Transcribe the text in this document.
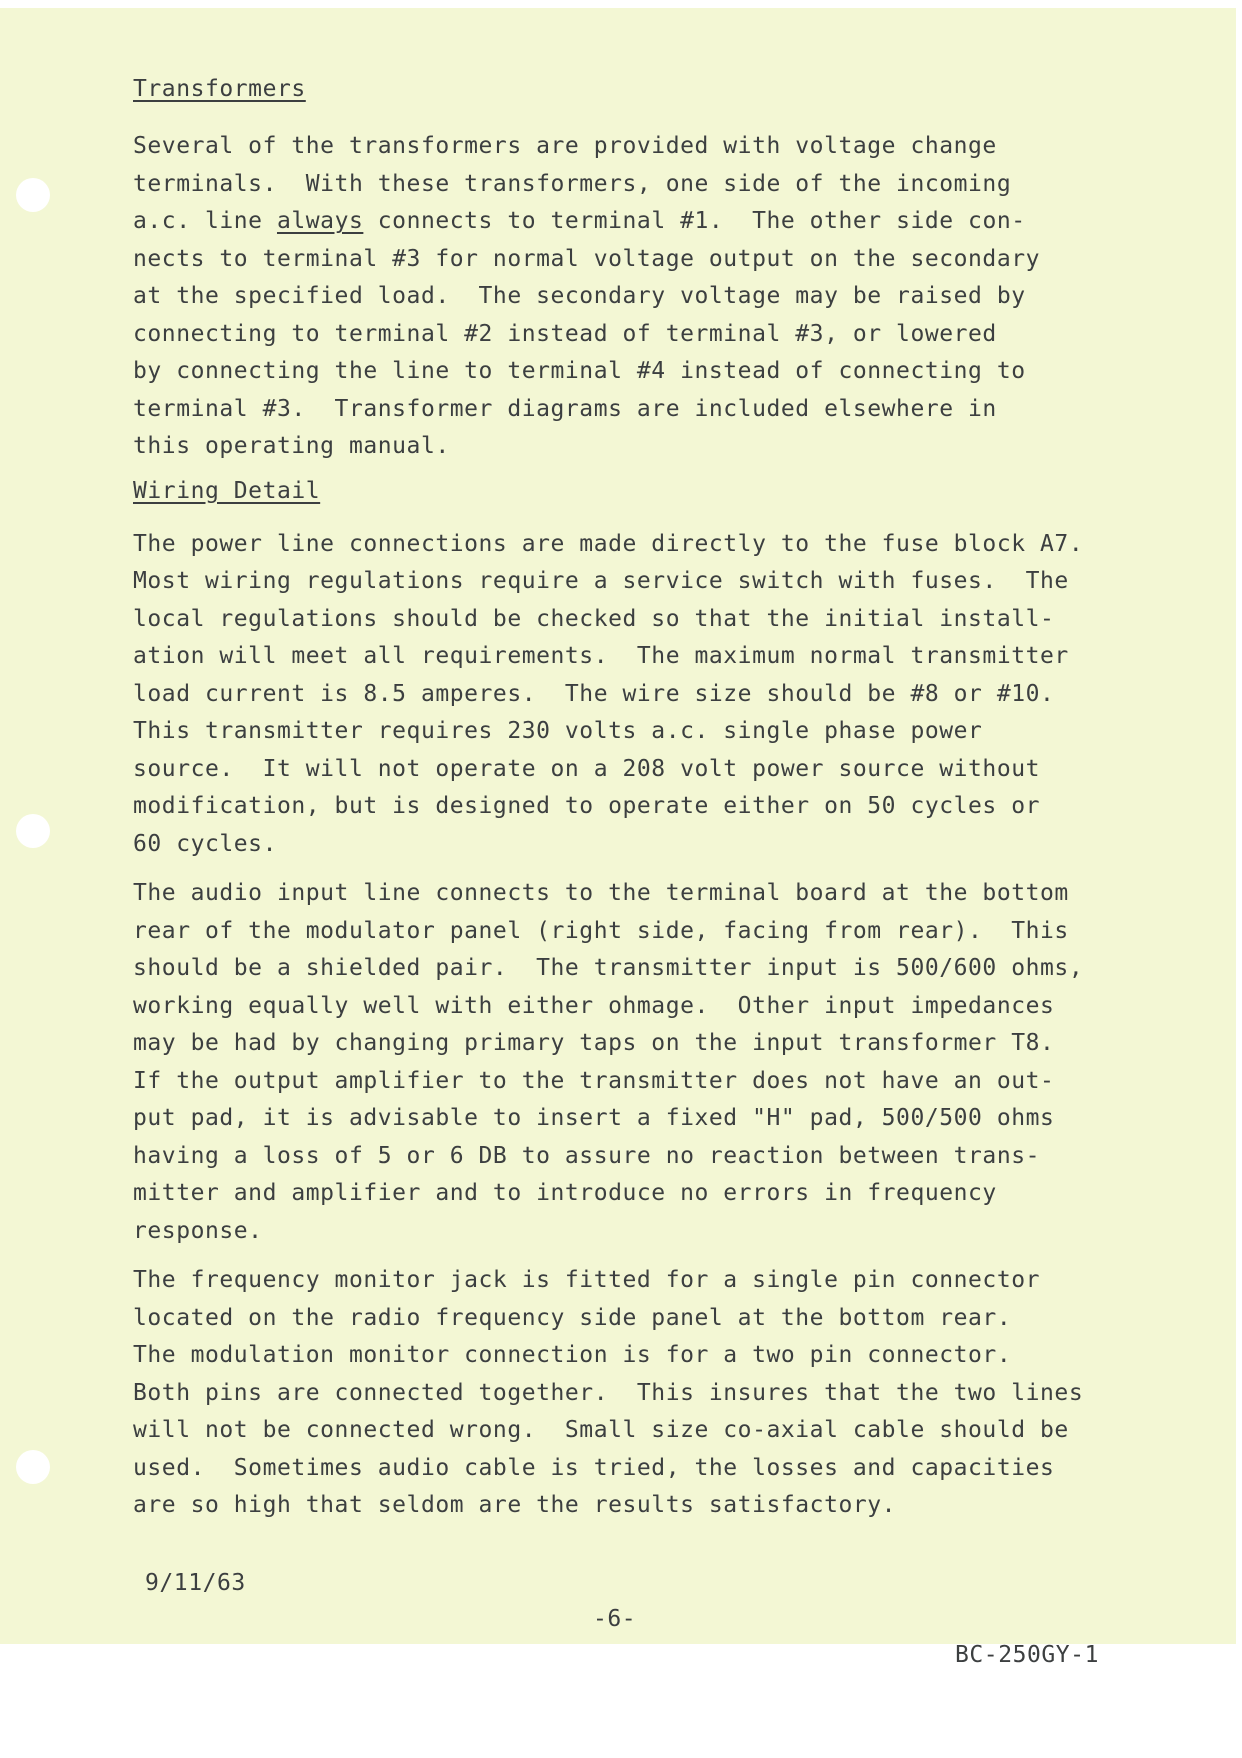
Transformers

Several of the transformers are provided with voltage change
terminals.  With these transformers, one side of the incoming
a.c. line always connects to terminal #1.  The other side con-
nects to terminal #3 for normal voltage output on the secondary
at the specified load.  The secondary voltage may be raised by
connecting to terminal #2 instead of terminal #3, or lowered
by connecting the line to terminal #4 instead of connecting to
terminal #3.  Transformer diagrams are included elsewhere in
this operating manual.

Wiring Detail

The power line connections are made directly to the fuse block A7.
Most wiring regulations require a service switch with fuses.  The
local regulations should be checked so that the initial install-
ation will meet all requirements.  The maximum normal transmitter
load current is 8.5 amperes.  The wire size should be #8 or #10.
This transmitter requires 230 volts a.c. single phase power
source.  It will not operate on a 208 volt power source without
modification, but is designed to operate either on 50 cycles or
60 cycles.

The audio input line connects to the terminal board at the bottom
rear of the modulator panel (right side, facing from rear).  This
should be a shielded pair.  The transmitter input is 500/600 ohms,
working equally well with either ohmage.  Other input impedances
may be had by changing primary taps on the input transformer T8.
If the output amplifier to the transmitter does not have an out-
put pad, it is advisable to insert a fixed "H" pad, 500/500 ohms
having a loss of 5 or 6 DB to assure no reaction between trans-
mitter and amplifier and to introduce no errors in frequency
response.

The frequency monitor jack is fitted for a single pin connector
located on the radio frequency side panel at the bottom rear.
The modulation monitor connection is for a two pin connector.
Both pins are connected together.  This insures that the two lines
will not be connected wrong.  Small size co-axial cable should be
used.  Sometimes audio cable is tried, the losses and capacities
are so high that seldom are the results satisfactory.

9/11/63

-6-

BC-250GY-1
